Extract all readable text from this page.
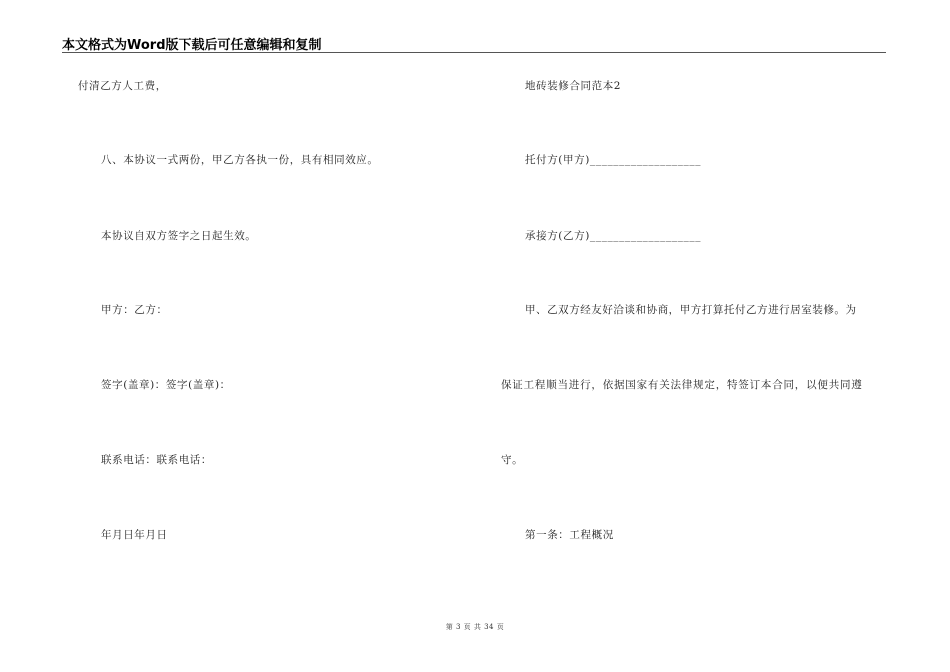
本文格式为Word版下载后可任意编辑和复制
付清乙方人工费，
八、本协议一式两份，甲乙方各执一份，具有相同效应。
本协议自双方签字之日起生效。
甲方：乙方：
签字(盖章)：签字(盖章)：
联系电话：联系电话：
年月日年月日
地砖装修合同范本2
托付方(甲方)___________________
承接方(乙方)___________________
甲、乙双方经友好洽谈和协商，甲方打算托付乙方进行居室装修。为
保证工程顺当进行，依据国家有关法律规定，特签订本合同，以便共同遵
守。
第一条：工程概况
第 3 页 共 34 页
